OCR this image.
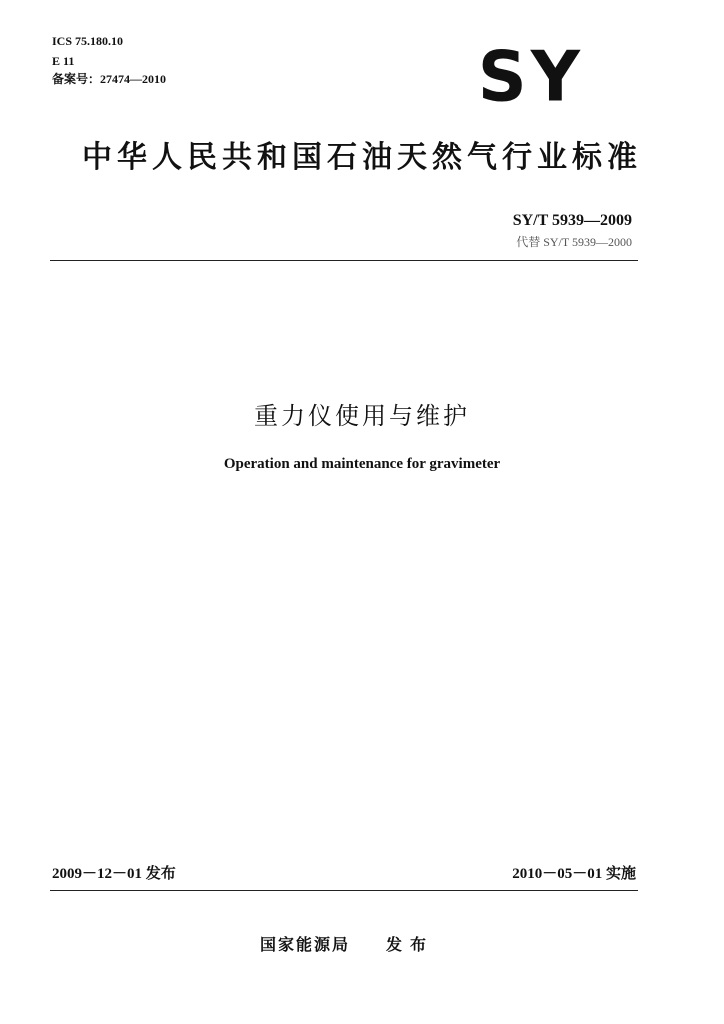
ICS 75.180.10
E 11
备案号：27474—2010	SY
中华人民共和国石油天然气行业标准
SY/T 5939—2009
代替 SY/T 5939—2000
重力仪使用与维护
Operation and maintenance for gravimeter
2009－12－01 发布	2010－05－01 实施
国家能源局 发布
